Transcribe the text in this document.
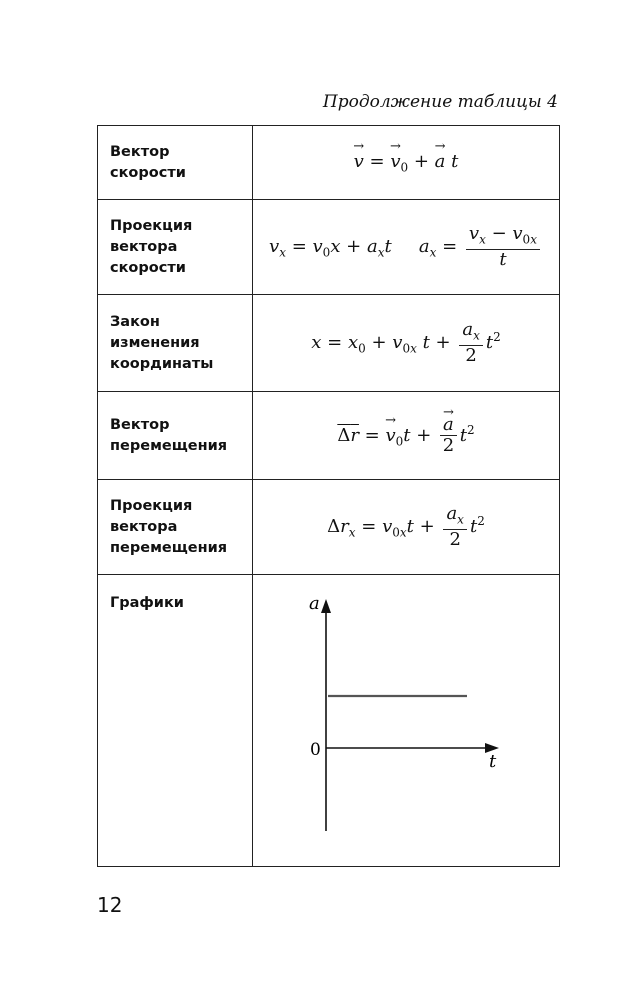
Продолжение таблицы 4
Вектор
скорости	→ v = → $v_0$ + → a t

Проекция
вектора
скорости	$v_x = v_0x + a_xt$ $a_x = \frac{v_x - v_{0x}}{t}$

Закон
изменения
координаты	$x = x_0 + v_{0x}$ $t + \frac{a_x}{2} t^2$

Вектор
перемещения	Δr = → $v_0t$ + → $\frac{a}{2} t^2$

Проекция
вектора
перемещения	$\Delta r_x = v_{0x}t + \frac{a_x}{2} t^2$

Графики	a
t
0
12
